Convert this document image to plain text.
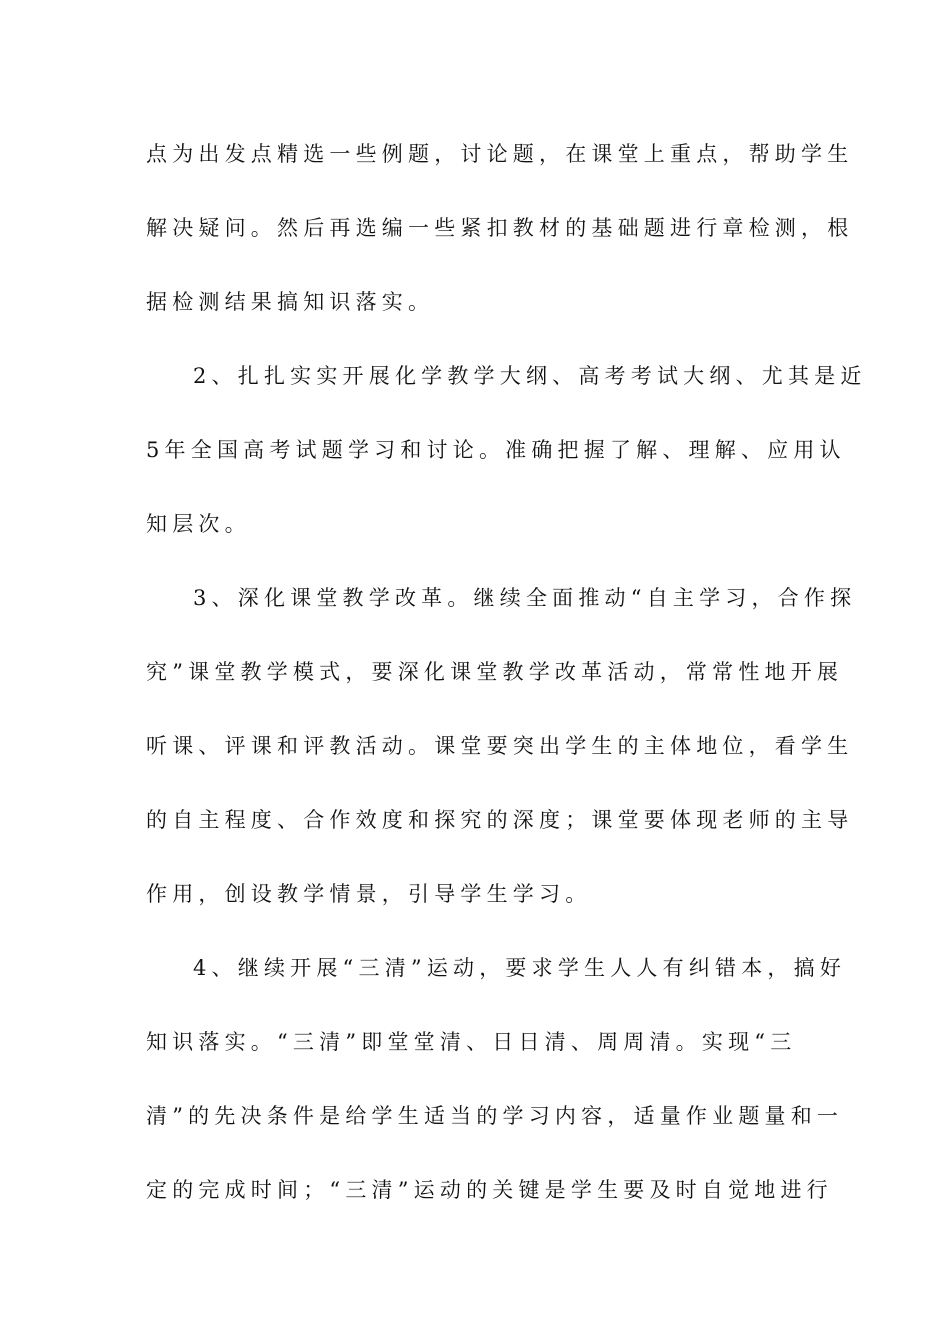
点为出发点精选一些例题，讨论题，在课堂上重点，帮助学生
解决疑问。然后再选编一些紧扣教材的基础题进行章检测，根
据检测结果搞知识落实。
2、扎扎实实开展化学教学大纲、高考考试大纲、尤其是近
5年全国高考试题学习和讨论。准确把握了解、理解、应用认
知层次。
3、深化课堂教学改革。继续全面推动“自主学习，合作探
究”课堂教学模式，要深化课堂教学改革活动，常常性地开展
听课、评课和评教活动。课堂要突出学生的主体地位，看学生
的自主程度、合作效度和探究的深度；课堂要体现老师的主导
作用，创设教学情景，引导学生学习。
4、继续开展“三清”运动，要求学生人人有纠错本，搞好
知识落实。“三清”即堂堂清、日日清、周周清。实现“三
清”的先决条件是给学生适当的学习内容，适量作业题量和一
定的完成时间；“三清”运动的关键是学生要及时自觉地进行
